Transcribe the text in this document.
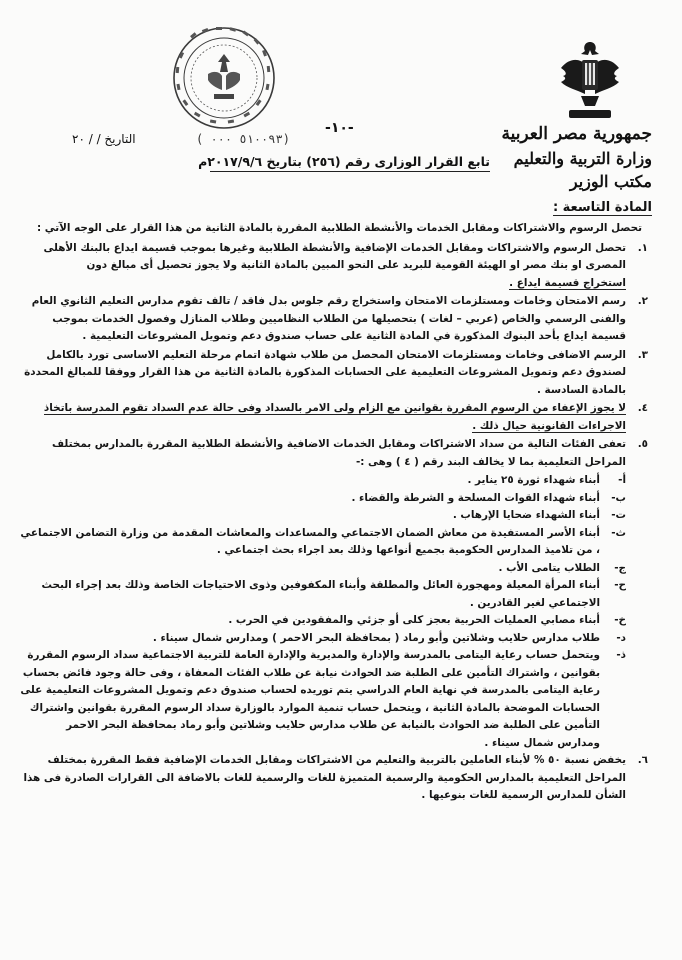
جمهورية مصر العربية
وزارة التربية والتعليم
مكتب الوزير
-١٠-
التاريخ / / ٢٠	( ٥١٠٠٩٣ ٠٠٠)
تابع القرار الوزارى رقم (٢٥٦) بتاريخ ٢٠١٧/٩/٦م
المادة التاسعة :
تحصل الرسوم والاشتراكات ومقابل الخدمات والأنشطة الطلابية المقررة بالمادة الثانية من هذا القرار على الوجه الآتي :
١.
تحصل الرسوم والاشتراكات ومقابل الخدمات الإضافية والأنشطة الطلابية وغيرها بموجب قسيمة ايداع بالبنك الأهلى المصرى او بنك مصر او الهيئة القومية للبريد على النحو المبين بالمادة الثانية ولا يجوز تحصيل أى مبالغ دون
استخراج قسيمة ايداع .
٢.
رسم الامتحان وخامات ومستلزمات الامتحان واستخراج رقم جلوس بدل فاقد / تالف تقوم مدارس التعليم الثانوي العام والفنى الرسمي والخاص (عربي – لغات ) بتحصيلها من الطلاب النظاميين وطلاب المنازل وفصول الخدمات بموجب قسيمة ايداع بأحد البنوك المذكورة في المادة الثانية على حساب صندوق دعم وتمويل المشروعات التعليمية .
٣.
الرسم الاضافى وخامات ومستلزمات الامتحان المحصل من طلاب شهادة اتمام مرحلة التعليم الاساسى تورد بالكامل لصندوق دعم وتمويل المشروعات التعليمية على الحسابات المذكورة بالمادة الثانية من هذا القرار ووفقا للمبالغ المحددة بالمادة السادسة .
٤.
لا يجوز الإعفاء من الرسوم المقررة بقوانين مع الزام ولى الامر بالسداد وفى حالة عدم السداد تقوم المدرسة باتخاذ
الاجراءات القانونية حيال ذلك .
٥.
تعفى الفئات التالية من سداد الاشتراكات ومقابل الخدمات الاضافية والأنشطة الطلابية المقررة بالمدارس بمختلف المراحل التعليمية بما لا يخالف البند رقم ( ٤ ) وهى :-
أ-
أبناء شهداء ثورة ٢٥ يناير .
ب-
أبناء شهداء القوات المسلحة و الشرطة والقضاء .
ت-
أبناء الشهداء ضحايا الإرهاب .
ث-
أبناء الأسر المستفيدة من معاش الضمان الاجتماعي والمساعدات والمعاشات المقدمة من وزارة التضامن الاجتماعي ، من تلاميذ المدارس الحكومية بجميع أنواعها وذلك بعد اجراء بحث اجتماعي .
ج-
الطلاب يتامى الأب .
ح-
أبناء المرأة المعيلة ومهجورة العائل والمطلقة وأبناء المكفوفين وذوى الاحتياجات الخاصة وذلك بعد إجراء البحث الاجتماعي لغير القادرين .
خ-
أبناء مصابي العمليات الحربية بعجز كلى أو جزئي والمفقودين في الحرب .
د-
طلاب مدارس حلايب وشلاتين وأبو رماد ( بمحافظة البحر الاحمر ) ومدارس شمال سيناء .
ذ-
ويتحمل حساب رعاية اليتامى بالمدرسة والإدارة والمديرية والإدارة العامة للتربية الاجتماعية سداد الرسوم المقررة بقوانين ، واشتراك التأمين على الطلبة ضد الحوادث نيابة عن طلاب الفئات المعفاة ، وفى حالة وجود فائض بحساب رعاية اليتامى بالمدرسة في نهاية العام الدراسي يتم توريده لحساب صندوق دعم وتمويل المشروعات التعليمية على الحسابات الموضحة بالمادة الثانية ، ويتحمل حساب تنمية الموارد بالوزارة سداد الرسوم المقررة بقوانين واشتراك التأمين على الطلبة ضد الحوادث بالنيابة عن طلاب مدارس حلايب وشلاتين وأبو رماد بمحافظة البحر الاحمر ومدارس شمال سيناء .
٦.
يخفض نسبة ٥٠ % لأبناء العاملين بالتربية والتعليم من الاشتراكات ومقابل الخدمات الإضافية فقط المقررة بمختلف المراحل التعليمية بالمدارس الحكومية والرسمية المتميزة للغات والرسمية للغات بالاضافة الى القرارات الصادرة فى هذا الشأن للمدارس الرسمية للغات بنوعيها .
